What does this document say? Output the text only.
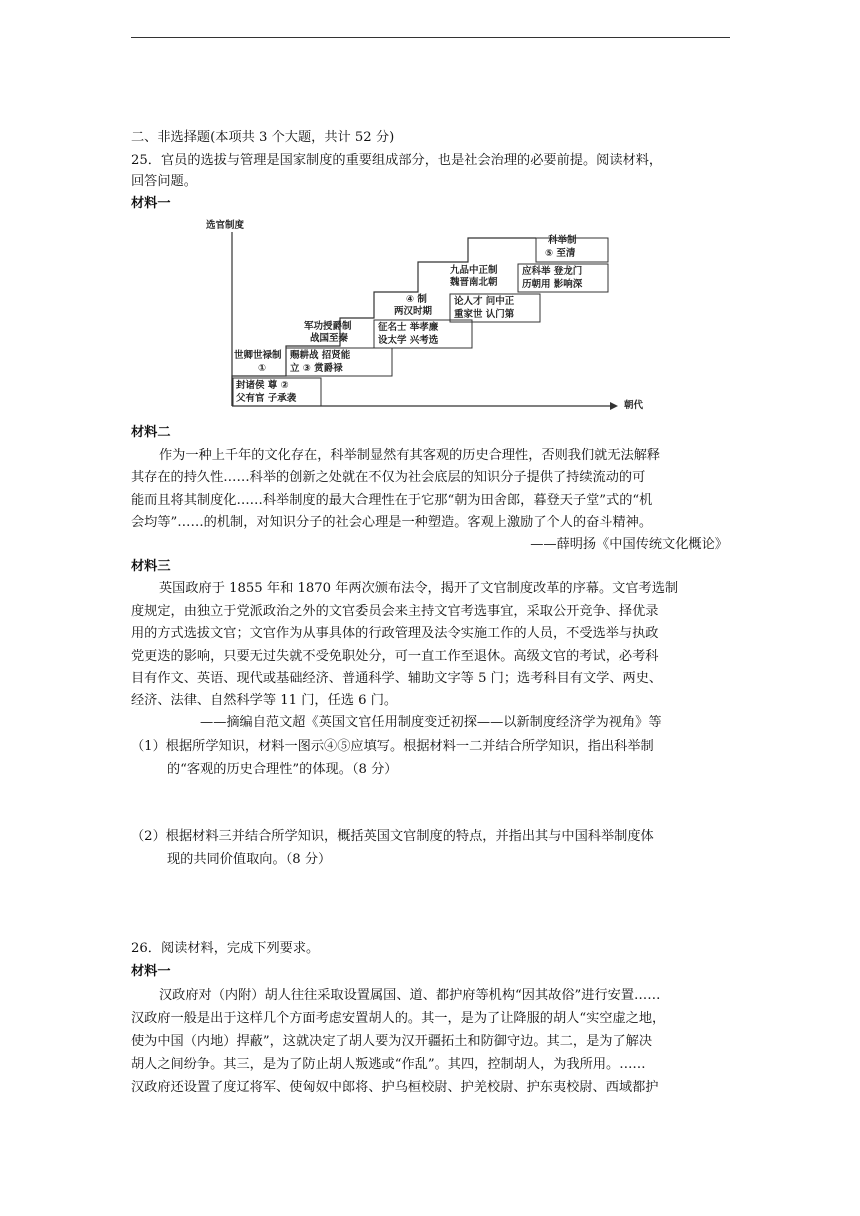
二、非选择题(本项共 3 个大题，共计 52 分)
25．官员的选拔与管理是国家制度的重要组成部分，也是社会治理的必要前提。阅读材料，
回答问题。
材料一
选官制度
朝代
封诸侯 尊 ②
父有官 子承袭
世卿世禄制
①
赐耕战 招贤能
立 ③ 赏爵禄
军功授爵制
战国至秦
征名士 举孝廉
设太学 兴考选
④ 制
两汉时期
论人才 问中正
重家世 认门第
九品中正制
魏晋南北朝
应科举 登龙门
历朝用 影响深
科举制
⑤ 至清
材料二
作为一种上千年的文化存在，科举制显然有其客观的历史合理性，否则我们就无法解释
其存在的持久性……科举的创新之处就在不仅为社会底层的知识分子提供了持续流动的可
能而且将其制度化……科举制度的最大合理性在于它那“朝为田舍郎，暮登天子堂”式的“机
会均等”……的机制，对知识分子的社会心理是一种塑造。客观上激励了个人的奋斗精神。
——薛明扬《中国传统文化概论》
材料三
英国政府于 1855 年和 1870 年两次颁布法令，揭开了文官制度改革的序幕。文官考选制
度规定，由独立于党派政治之外的文官委员会来主持文官考选事宜，采取公开竞争、择优录
用的方式选拔文官；文官作为从事具体的行政管理及法令实施工作的人员，不受选举与执政
党更迭的影响，只要无过失就不受免职处分，可一直工作至退休。高级文官的考试，必考科
目有作文、英语、现代或基础经济、普通科学、辅助文字等 5 门；选考科目有文学、两史、
经济、法律、自然科学等 11 门，任选 6 门。
——摘编自范文超《英国文官任用制度变迁初探——以新制度经济学为视角》等
（1）根据所学知识，材料一图示④⑤应填写。根据材料一二并结合所学知识，指出科举制
的“客观的历史合理性”的体现。（8 分）
（2）根据材料三并结合所学知识，概括英国文官制度的特点，并指出其与中国科举制度体
现的共同价值取向。（8 分）
26．阅读材料，完成下列要求。
材料一
汉政府对（内附）胡人往往采取设置属国、道、都护府等机构“因其故俗”进行安置……
汉政府一般是出于这样几个方面考虑安置胡人的。其一，是为了让降服的胡人“实空虚之地，
使为中国（内地）捍蔽”，这就决定了胡人要为汉开疆拓土和防御守边。其二，是为了解决
胡人之间纷争。其三，是为了防止胡人叛逃或“作乱”。其四，控制胡人，为我所用。……
汉政府还设置了度辽将军、使匈奴中郎将、护乌桓校尉、护羌校尉、护东夷校尉、西域都护
